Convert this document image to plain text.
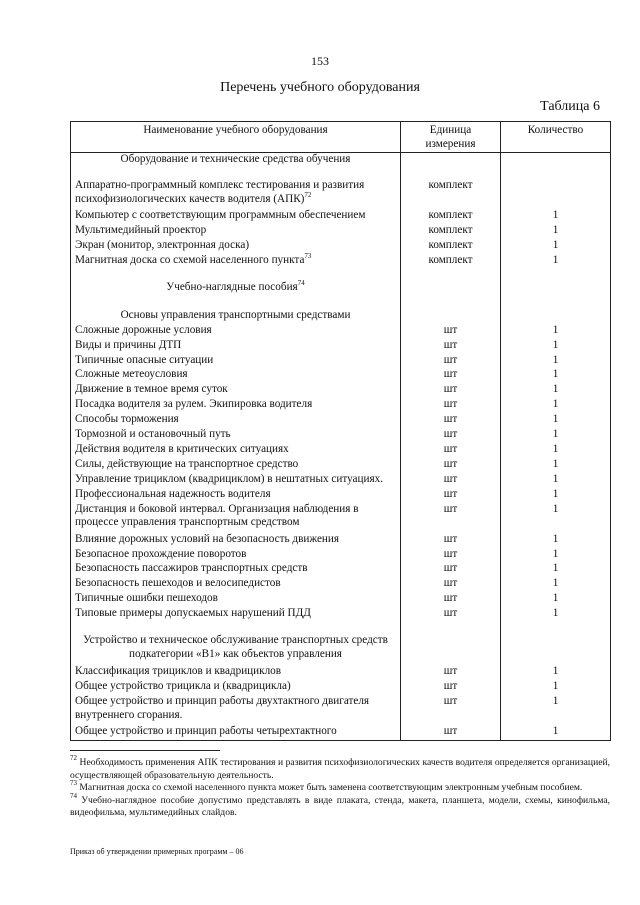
153
Перечень учебного оборудования
Таблица 6
Наименование учебного оборудования	Единица измерения	Количество
Оборудование и технические средства обучения		
Аппаратно-программный комплекс тестирования и развития психофизиологических качеств водителя (АПК)$^{72}$	комплект	
Компьютер с соответствующим программным обеспечением	комплект	1
Мультимедийный проектор	комплект	1
Экран (монитор, электронная доска)	комплект	1
Магнитная доска со схемой населенного пункта$^{73}$	комплект	1
Учебно-наглядные пособия$^{74}$		

Основы управления транспортными средствами		
Сложные дорожные условия	шт	1
Виды и причины ДТП	шт	1
Типичные опасные ситуации	шт	1
Сложные метеоусловия	шт	1
Движение в темное время суток	шт	1
Посадка водителя за рулем. Экипировка водителя	шт	1
Способы торможения	шт	1
Тормозной и остановочный путь	шт	1
Действия водителя в критических ситуациях	шт	1
Силы, действующие на транспортное средство	шт	1
Управление трициклом (квадрициклом) в нештатных ситуациях.	шт	1
Профессиональная надежность водителя	шт	1
Дистанция и боковой интервал. Организация наблюдения в процессе управления транспортным средством	шт	1
Влияние дорожных условий на безопасность движения	шт	1
Безопасное прохождение поворотов	шт	1
Безопасность пассажиров транспортных средств	шт	1
Безопасность пешеходов и велосипедистов	шт	1
Типичные ошибки пешеходов	шт	1
Типовые примеры допускаемых нарушений ПДД	шт	1
Устройство и техническое обслуживание транспортных средств подкатегории «В1» как объектов управления		
Классификация трициклов и квадрициклов	шт	1
Общее устройство трицикла и (квадрицикла)	шт	1
Общее устройство и принцип работы двухтактного двигателя внутреннего сгорания.	шт	1
Общее устройство и принцип работы четырехтактного	шт	1

$^{72}$ Необходимость применения АПК тестирования и развития психофизиологических качеств водителя определяется организацией, осуществляющей образовательную деятельность.

$^{73}$ Магнитная доска со схемой населенного пункта может быть заменена соответствующим электронным учебным пособием.

$^{74}$ Учебно-наглядное пособие допустимо представлять в виде плаката, стенда, макета, планшета, модели, схемы, кинофильма, видеофильма, мультимедийных слайдов.

Приказ об утверждении примерных программ – 06
